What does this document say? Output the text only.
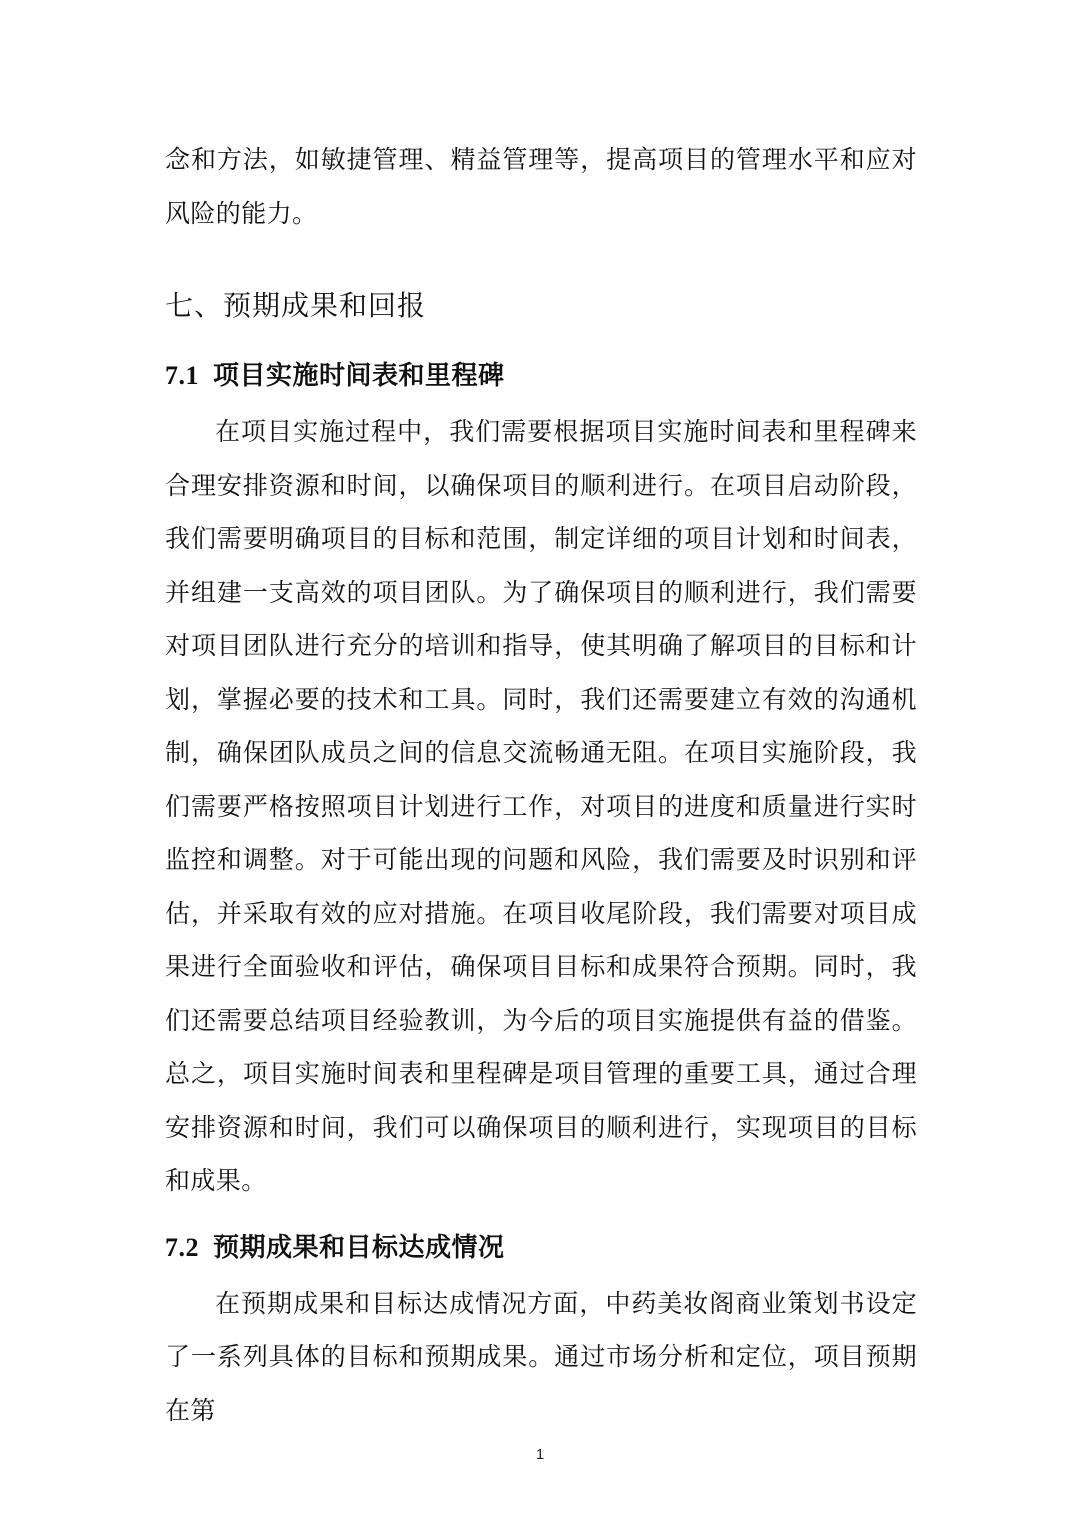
念和方法，如敏捷管理、精益管理等，提高项目的管理水平和应对风险的能力。

七、预期成果和回报
7.1 项目实施时间表和里程碑

在项目实施过程中，我们需要根据项目实施时间表和里程碑来合理安排资源和时间，以确保项目的顺利进行。在项目启动阶段，我们需要明确项目的目标和范围，制定详细的项目计划和时间表，并组建一支高效的项目团队。为了确保项目的顺利进行，我们需要对项目团队进行充分的培训和指导，使其明确了解项目的目标和计划，掌握必要的技术和工具。同时，我们还需要建立有效的沟通机制，确保团队成员之间的信息交流畅通无阻。在项目实施阶段，我们需要严格按照项目计划进行工作，对项目的进度和质量进行实时监控和调整。对于可能出现的问题和风险，我们需要及时识别和评估，并采取有效的应对措施。在项目收尾阶段，我们需要对项目成果进行全面验收和评估，确保项目目标和成果符合预期。同时，我们还需要总结项目经验教训，为今后的项目实施提供有益的借鉴。总之，项目实施时间表和里程碑是项目管理的重要工具，通过合理安排资源和时间，我们可以确保项目的顺利进行，实现项目的目标和成果。

7.2 预期成果和目标达成情况

在预期成果和目标达成情况方面，中药美妆阁商业策划书设定了一系列具体的目标和预期成果。通过市场分析和定位，项目预期在第

1
